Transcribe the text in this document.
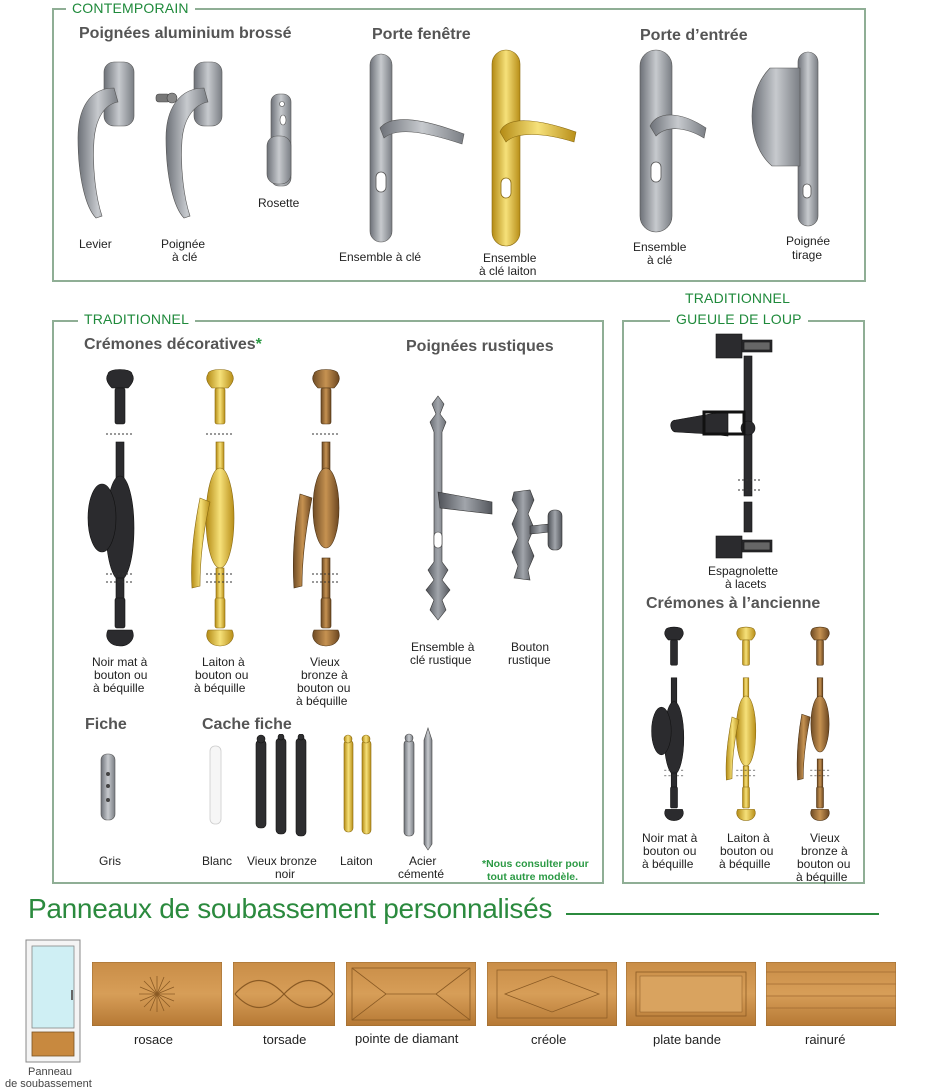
CONTEMPORAIN
Poignées aluminium brossé	Porte fenêtre	Porte d’entrée
Levier	Poignée
à clé
Rosette
Ensemble à clé	Ensemble
à clé laiton
Ensemble
à clé
Poignée
tirage
TRADITIONNEL
Crémones décoratives*	Poignées rustiques
Noir mat à
bouton ou
à béquille
Laiton à
bouton ou
à béquille
Vieux
bronze à
bouton ou
à béquille
Ensemble à
clé rustique
Bouton
rustique
Fiche	Cache fiche
Gris	Blanc Vieux bronze
noir
Laiton	Acier
cémenté
*Nous consulter pour
tout autre modèle.
TRADITIONNEL
GUEULE DE LOUP
Espagnolette
à lacets
Crémones à l’ancienne
Noir mat à
bouton ou
à béquille
Laiton à
bouton ou
à béquille
Vieux
bronze à
bouton ou
à béquille
Panneaux de soubassement personnalisés
Panneau
de soubassement
rosace	torsade	pointe de diamant	créole	plate bande	rainuré
